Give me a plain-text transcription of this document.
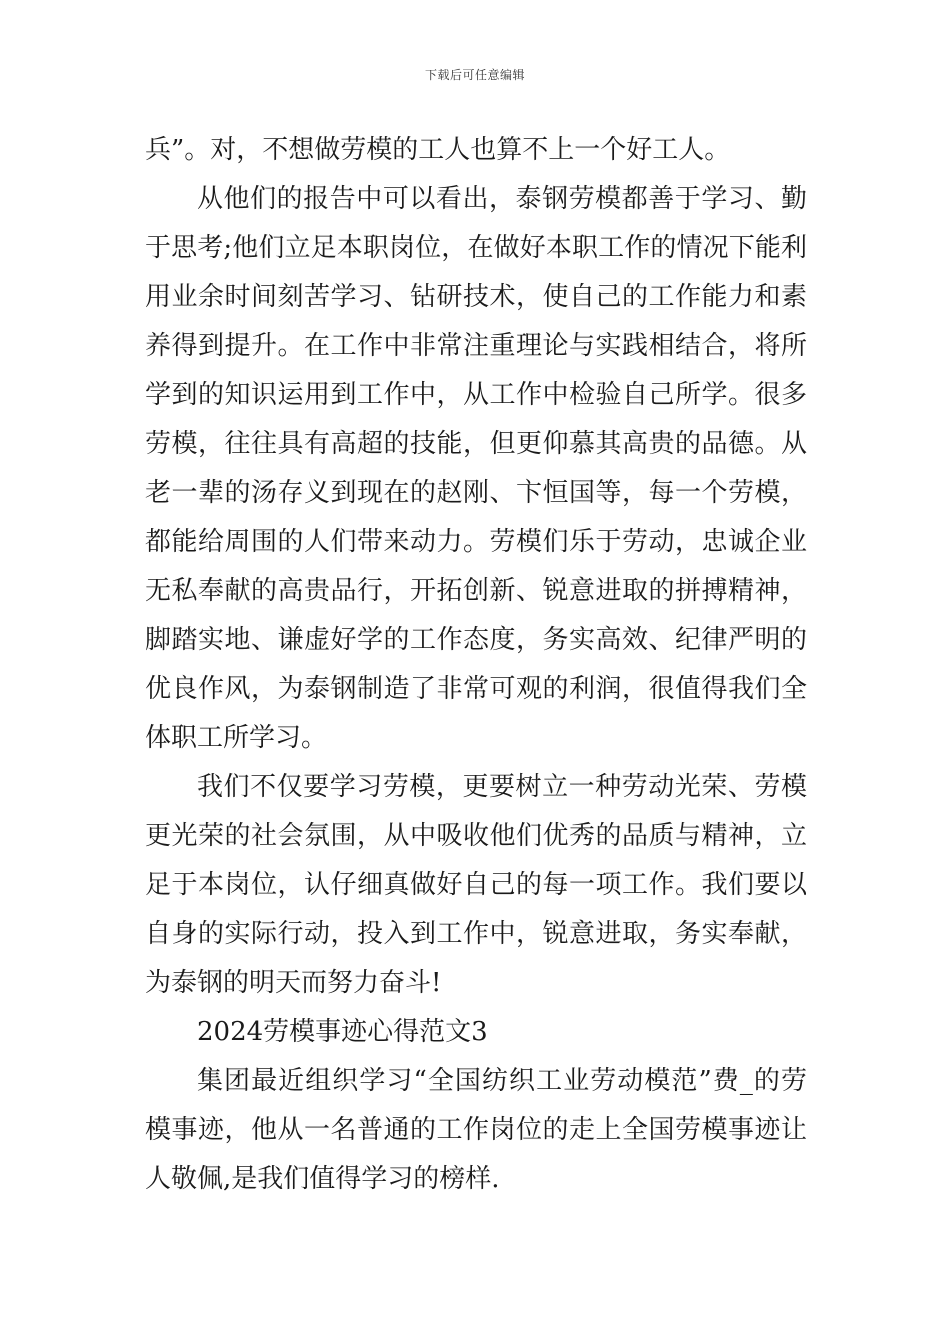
下载后可任意编辑

兵”。对，不想做劳模的工人也算不上一个好工人。

从他们的报告中可以看出，泰钢劳模都善于学习、勤于思考;他们立足本职岗位，在做好本职工作的情况下能利用业余时间刻苦学习、钻研技术，使自己的工作能力和素养得到提升。在工作中非常注重理论与实践相结合，将所学到的知识运用到工作中，从工作中检验自己所学。很多劳模，往往具有高超的技能，但更仰慕其高贵的品德。从老一辈的汤存义到现在的赵刚、卞恒国等，每一个劳模，都能给周围的人们带来动力。劳模们乐于劳动，忠诚企业无私奉献的高贵品行，开拓创新、锐意进取的拼搏精神，脚踏实地、谦虚好学的工作态度，务实高效、纪律严明的优良作风，为泰钢制造了非常可观的利润，很值得我们全体职工所学习。

我们不仅要学习劳模，更要树立一种劳动光荣、劳模更光荣的社会氛围，从中吸收他们优秀的品质与精神，立足于本岗位，认仔细真做好自己的每一项工作。我们要以自身的实际行动，投入到工作中，锐意进取，务实奉献，为泰钢的明天而努力奋斗!

2024劳模事迹心得范文3

集团最近组织学习“全国纺织工业劳动模范”费_的劳模事迹，他从一名普通的工作岗位的走上全国劳模事迹让人敬佩,是我们值得学习的榜样.
